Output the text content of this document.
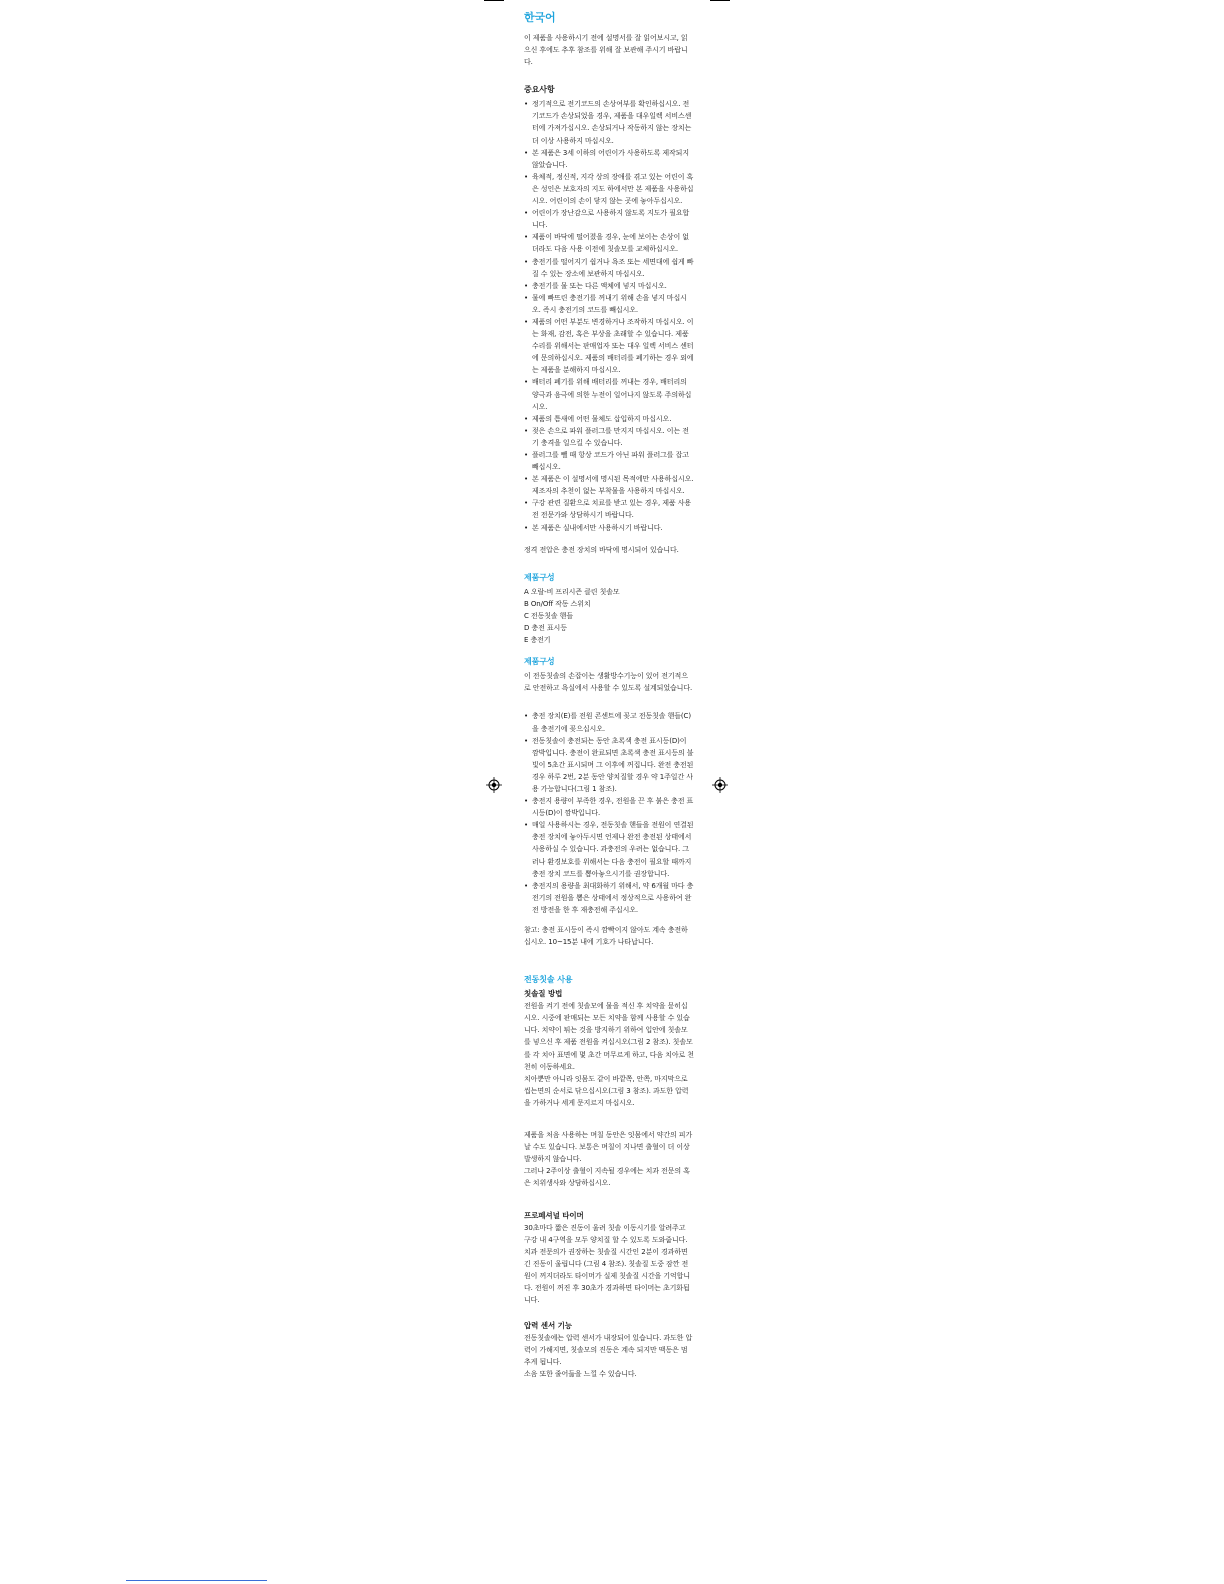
한국어

이 제품을 사용하시기 전에 설명서를 잘 읽어보시고, 읽으신 후에도 추후 참조를 위해 잘 보관해 주시기 바랍니다.

중요사항
• 정기적으로 전기코드의 손상여부를 확인하십시오. 전기코드가 손상되었을 경우, 제품을 대우일렉 서비스센터에 가져가십시오. 손상되거나 작동하지 않는 장치는 더 이상 사용하지 마십시오.
• 본 제품은 3세 이하의 어린이가 사용하도록 제작되지 않았습니다.
• 육체적, 정신적, 지각 상의 장애를 겪고 있는 어린이 혹은 성인은 보호자의 지도 하에서만 본 제품을 사용하십시오. 어린이의 손이 닿지 않는 곳에 놓아두십시오.
• 어린이가 장난감으로 사용하지 않도록 지도가 필요합니다.
• 제품이 바닥에 떨어졌을 경우, 눈에 보이는 손상이 없더라도 다음 사용 이전에 칫솔모를 교체하십시오.
• 충전기를 떨어지기 쉽거나 욕조 또는 세면대에 쉽게 빠질 수 있는 장소에 보관하지 마십시오.
• 충전기를 물 또는 다른 액체에 넣지 마십시오.
• 물에 빠뜨린 충전기를 꺼내기 위해 손을 넣지 마십시오. 즉시 충전기의 코드를 빼십시오.
• 제품의 어떤 부분도 변경하거나 조작하지 마십시오. 이는 화재, 감전, 혹은 부상을 초래할 수 있습니다. 제품 수리를 위해서는 판매업자 또는 대우 일렉 서비스 센터에 문의하십시오. 제품의 배터리를 폐기하는 경우 외에는 제품을 분해하지 마십시오.
• 배터리 폐기를 위해 배터리를 꺼내는 경우, 배터리의 양극과 음극에 의한 누전이 일어나지 않도록 주의하십시오.
• 제품의 틈새에 어떤 물체도 삽입하지 마십시오.
• 젖은 손으로 파워 플러그를 만지지 마십시오. 이는 전기 충격을 일으킬 수 있습니다.
• 플러그를 뺄 때 항상 코드가 아닌 파워 플러그를 잡고 빼십시오.
• 본 제품은 이 설명서에 명시된 목적에만 사용하십시오. 제조자의 추천이 없는 부착물을 사용하지 마십시오.
• 구강 관련 질환으로 치료를 받고 있는 경우, 제품 사용 전 전문가와 상담하시기 바랍니다.
• 본 제품은 실내에서만 사용하시기 바랍니다.

정격 전압은 충전 장치의 바닥에 명시되어 있습니다.

제품구성
A 오랄-비 프리시즌 클린 칫솔모
B On/Off 작동 스위치
C 전동칫솔 핸들
D 충전 표시등
E 충전기
제품구성

이 전동칫솔의 손잡이는 생활방수기능이 있어 전기적으로 안전하고 욕실에서 사용할 수 있도록 설계되었습니다.

• 충전 장치(E)를 전원 콘센트에 꽂고 전동칫솔 핸들(C)을 충전기에 꽂으십시오.
• 전동칫솔이 충전되는 동안 초록색 충전 표시등(D)이 깜박입니다. 충전이 완료되면 초록색 충전 표시등의 불빛이 5초간 표시되며 그 이후에 꺼집니다. 완전 충전된 경우 하루 2번, 2분 동안 양치질할 경우 약 1주일간 사용 가능합니다(그림 1 참조).
• 충전지 용량이 부족한 경우, 전원을 끈 후 붉은 충전 표시등(D)이 깜박입니다.
• 매일 사용하시는 경우, 전동칫솔 핸들을 전원이 연결된 충전 장치에 놓아두시면 언제나 완전 충전된 상태에서 사용하실 수 있습니다. 과충전의 우려는 없습니다. 그러나 환경보호를 위해서는 다음 충전이 필요할 때까지 충전 장치 코드를 뽑아놓으시기를 권장합니다.
• 충전지의 용량을 최대화하기 위해서, 약 6개월 마다 충전기의 전원을 뽑은 상태에서 정상적으로 사용하여 완전 방전을 한 후 재충전해 주십시오.

참고: 충전 표시등이 즉시 깜빡이지 않아도 계속 충전하십시오. 10~15분 내에 기호가 나타납니다.

전동칫솔 사용
칫솔질 방법

전원을 켜기 전에 칫솔모에 물을 적신 후 치약을 묻히십시오. 시중에 판매되는 모든 치약을 함께 사용할 수 있습니다. 치약이 튀는 것을 방지하기 위하여 입안에 칫솔모를 넣으신 후 제품 전원을 켜십시오(그림 2 참조). 칫솔모를 각 치아 표면에 몇 초간 머무르게 하고, 다음 치아로 천천히 이동하세요.

치아뿐만 아니라 잇몸도 같이 바깥쪽, 안쪽, 마지막으로 씹는면의 순서로 닦으십시오(그림 3 참조). 과도한 압력을 가하거나 세게 문지르지 마십시오.

제품을 처음 사용하는 며칠 동안은 잇몸에서 약간의 피가 날 수도 있습니다. 보통은 며칠이 지나면 출혈이 더 이상 발생하지 않습니다.

그러나 2주이상 출혈이 지속될 경우에는 치과 전문의 혹은 치위생사와 상담하십시오.

프로페셔널 타이머

30초마다 짧은 진동이 울려 칫솔 이동시기를 알려주고 구강 내 4구역을 모두 양치질 할 수 있도록 도와줍니다. 치과 전문의가 권장하는 칫솔질 시간인 2분이 경과하면 긴 진동이 울립니다 (그림 4 참조). 칫솔질 도중 잠깐 전원이 꺼지더라도 타이머가 실제 칫솔질 시간을 기억합니다. 전원이 꺼진 후 30초가 경과하면 타이머는 초기화됩니다.

압력 센서 기능

전동칫솔에는 압력 센서가 내장되어 있습니다. 과도한 압력이 가해지면, 칫솔모의 진동은 계속 되지만 맥동은 멈추게 됩니다.

소음 또한 줄어듦을 느낄 수 있습니다.
